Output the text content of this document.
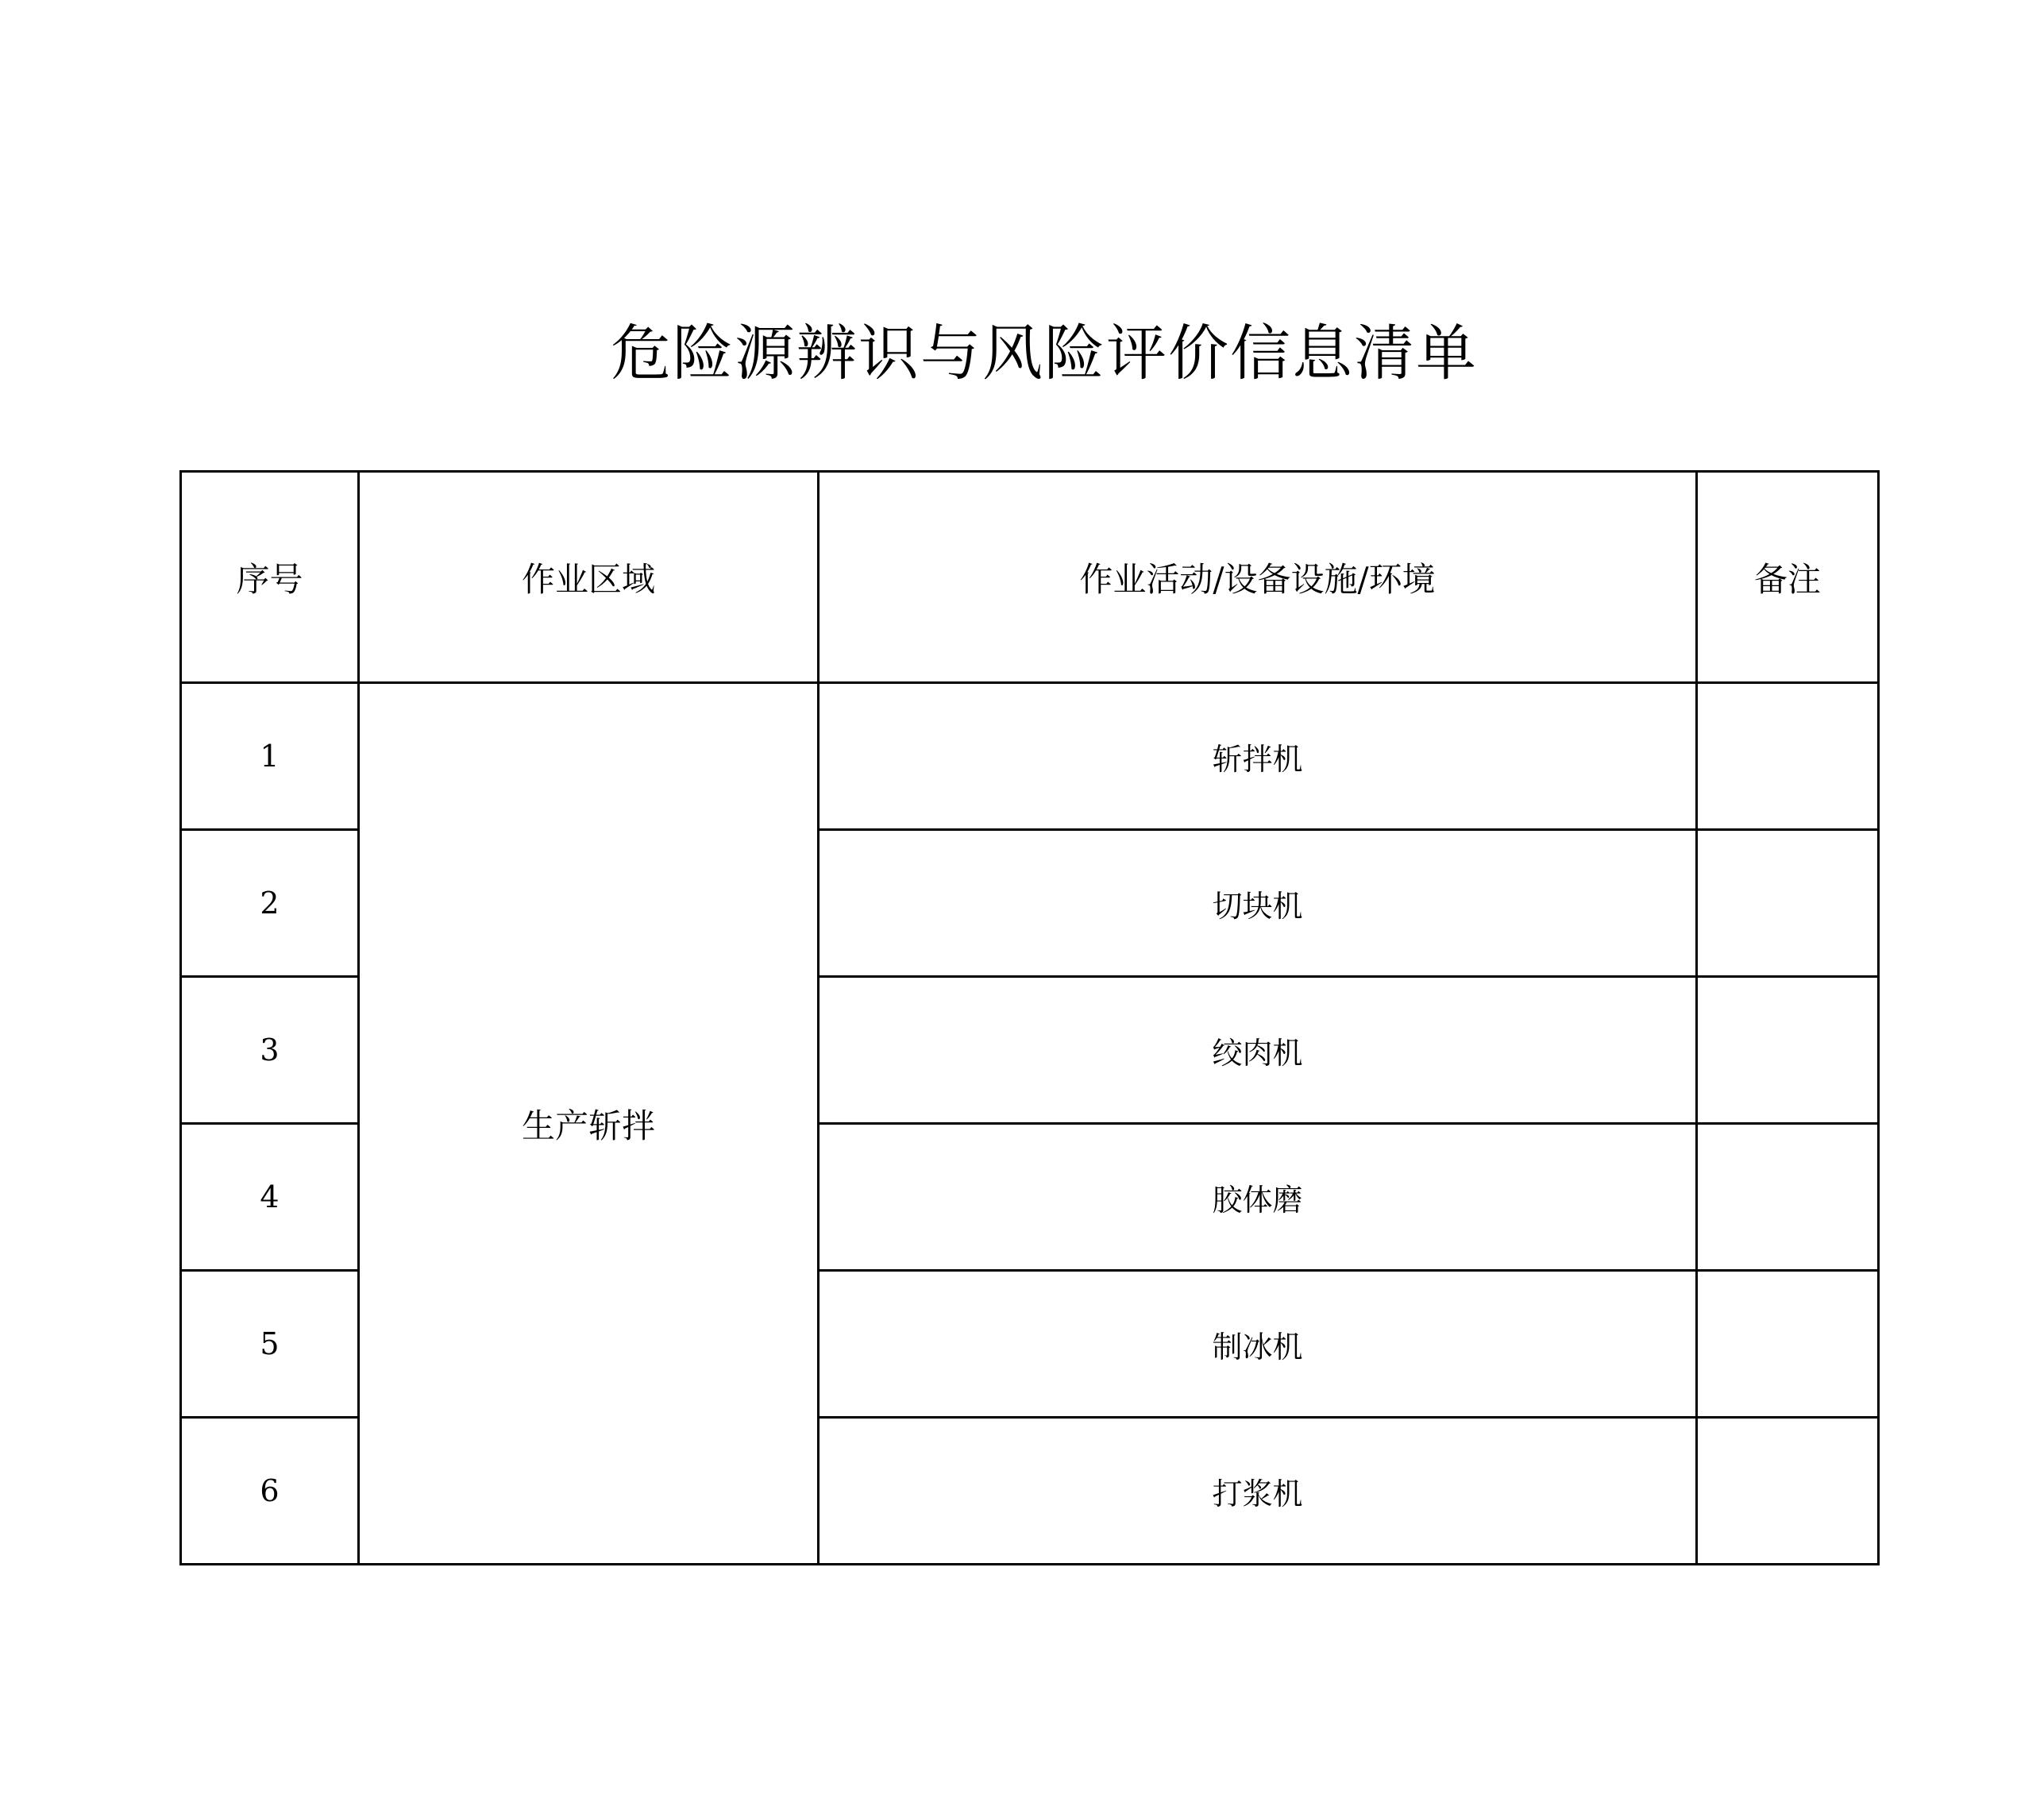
危险源辨识与风险评价信息清单
序号	作业区域	作业活动/设备设施/环境	备注
1	生产斩拌	斩拌机	
2		切块机	
3		绞肉机	
4		胶体磨	
5		制冰机	
6		打浆机	
